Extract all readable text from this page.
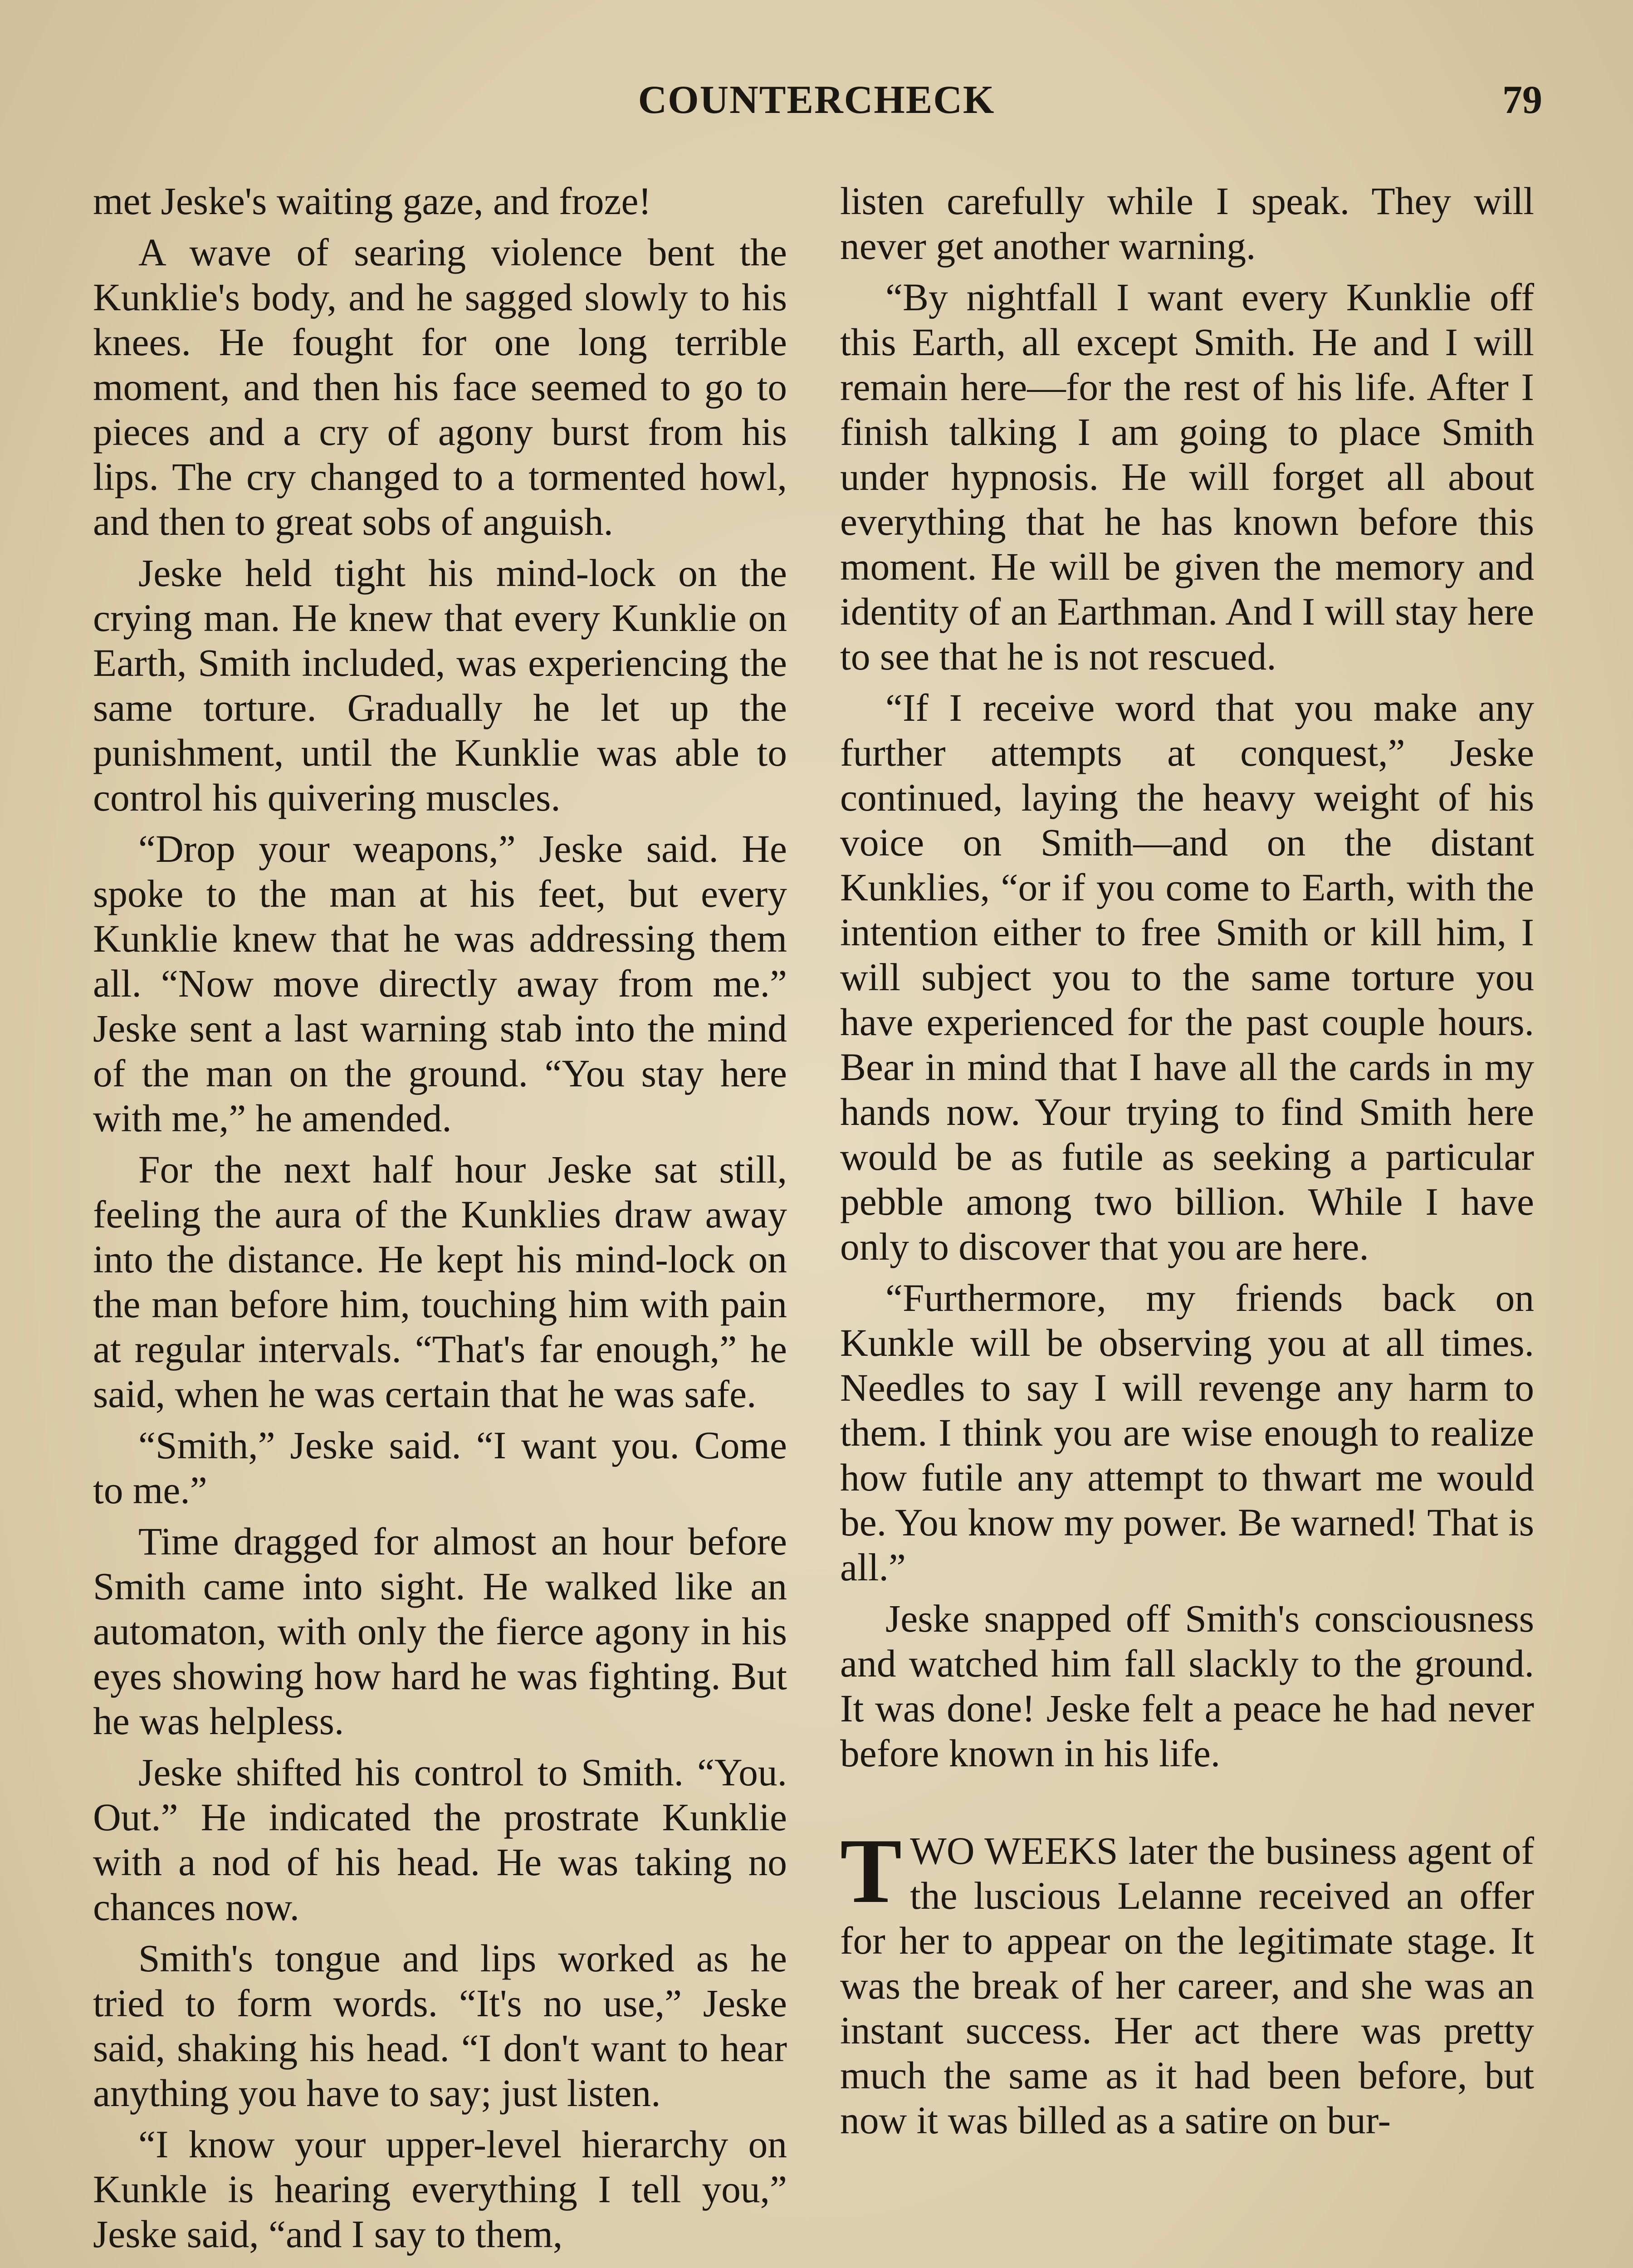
COUNTERCHECK	79

met Jeske's waiting gaze, and froze!

A wave of searing violence bent the Kunklie's body, and he sagged slowly to his knees. He fought for one long terrible moment, and then his face seemed to go to pieces and a cry of agony burst from his lips. The cry changed to a tormented howl, and then to great sobs of anguish.

Jeske held tight his mind-lock on the crying man. He knew that every Kunklie on Earth, Smith included, was experiencing the same torture. Gradually he let up the punishment, until the Kunklie was able to control his quivering muscles.

“Drop your weapons,” Jeske said. He spoke to the man at his feet, but every Kunklie knew that he was addressing them all. “Now move directly away from me.” Jeske sent a last warning stab into the mind of the man on the ground. “You stay here with me,” he amended.

For the next half hour Jeske sat still, feeling the aura of the Kunklies draw away into the distance. He kept his mind-lock on the man before him, touching him with pain at regular intervals. “That's far enough,” he said, when he was certain that he was safe.

“Smith,” Jeske said. “I want you. Come to me.”

Time dragged for almost an hour before Smith came into sight. He walked like an automaton, with only the fierce agony in his eyes showing how hard he was fighting. But he was helpless.

Jeske shifted his control to Smith. “You. Out.” He indicated the prostrate Kunklie with a nod of his head. He was taking no chances now.

Smith's tongue and lips worked as he tried to form words. “It's no use,” Jeske said, shaking his head. “I don't want to hear anything you have to say; just listen.

“I know your upper-level hierarchy on Kunkle is hearing everything I tell you,” Jeske said, “and I say to them,

listen carefully while I speak. They will never get another warning.

“By nightfall I want every Kunklie off this Earth, all except Smith. He and I will remain here—for the rest of his life. After I finish talking I am going to place Smith under hypnosis. He will forget all about everything that he has known before this moment. He will be given the memory and identity of an Earthman. And I will stay here to see that he is not rescued.

“If I receive word that you make any further attempts at conquest,” Jeske continued, laying the heavy weight of his voice on Smith—and on the distant Kunklies, “or if you come to Earth, with the intention either to free Smith or kill him, I will subject you to the same torture you have experienced for the past couple hours. Bear in mind that I have all the cards in my hands now. Your trying to find Smith here would be as futile as seeking a particular pebble among two billion. While I have only to discover that you are here.

“Furthermore, my friends back on Kunkle will be observing you at all times. Needles to say I will revenge any harm to them. I think you are wise enough to realize how futile any attempt to thwart me would be. You know my power. Be warned! That is all.”

Jeske snapped off Smith's consciousness and watched him fall slackly to the ground. It was done! Jeske felt a peace he had never before known in his life.

TWO WEEKS later the business agent of the luscious Lelanne received an offer for her to appear on the legitimate stage. It was the break of her career, and she was an instant success. Her act there was pretty much the same as it had been before, but now it was billed as a satire on bur-
